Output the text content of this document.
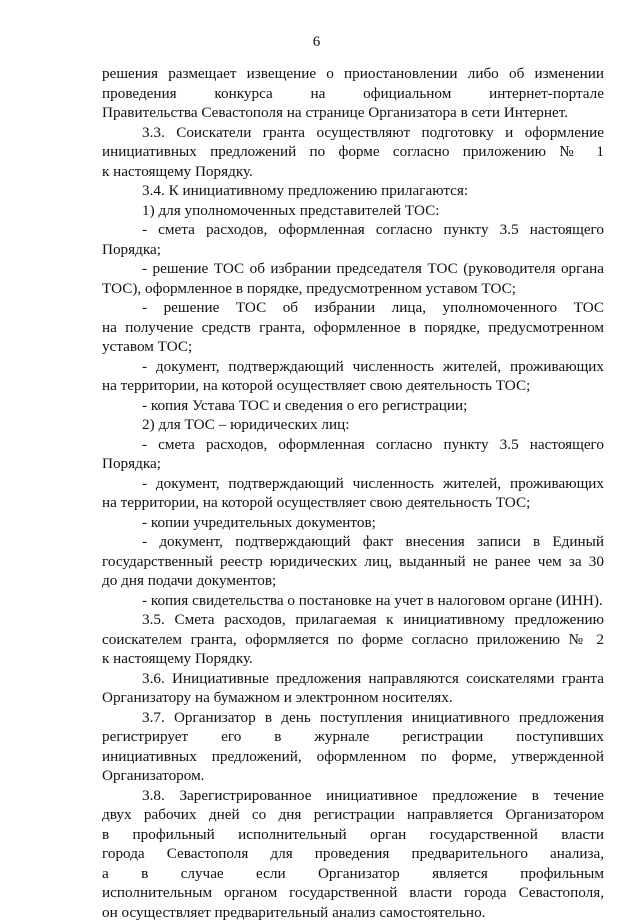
6
решения размещает извещение о приостановлении либо об изменении
проведения конкурса на официальном интернет-портале
Правительства Севастополя на странице Организатора в сети Интернет.
3.3. Соискатели гранта осуществляют подготовку и оформление
инициативных предложений по форме согласно приложению № 1
к настоящему Порядку.
3.4. К инициативному предложению прилагаются:
1) для уполномоченных представителей ТОС:
- смета расходов, оформленная согласно пункту 3.5 настоящего
Порядка;
- решение ТОС об избрании председателя ТОС (руководителя органа
ТОС), оформленное в порядке, предусмотренном уставом ТОС;
- решение ТОС об избрании лица, уполномоченного ТОС
на получение средств гранта, оформленное в порядке, предусмотренном
уставом ТОС;
- документ, подтверждающий численность жителей, проживающих
на территории, на которой осуществляет свою деятельность ТОС;
- копия Устава ТОС и сведения о его регистрации;
2) для ТОС – юридических лиц:
- смета расходов, оформленная согласно пункту 3.5 настоящего
Порядка;
- документ, подтверждающий численность жителей, проживающих
на территории, на которой осуществляет свою деятельность ТОС;
- копии учредительных документов;
- документ, подтверждающий факт внесения записи в Единый
государственный реестр юридических лиц, выданный не ранее чем за 30
до дня подачи документов;
- копия свидетельства о постановке на учет в налоговом органе (ИНН).
3.5. Смета расходов, прилагаемая к инициативному предложению
соискателем гранта, оформляется по форме согласно приложению № 2
к настоящему Порядку.
3.6. Инициативные предложения направляются соискателями гранта
Организатору на бумажном и электронном носителях.
3.7. Организатор в день поступления инициативного предложения
регистрирует его в журнале регистрации поступивших
инициативных предложений, оформленном по форме, утвержденной
Организатором.
3.8. Зарегистрированное инициативное предложение в течение
двух рабочих дней со дня регистрации направляется Организатором
в профильный исполнительный орган государственной власти
города Севастополя для проведения предварительного анализа,
а в случае если Организатор является профильным
исполнительным органом государственной власти города Севастополя,
он осуществляет предварительный анализ самостоятельно.
